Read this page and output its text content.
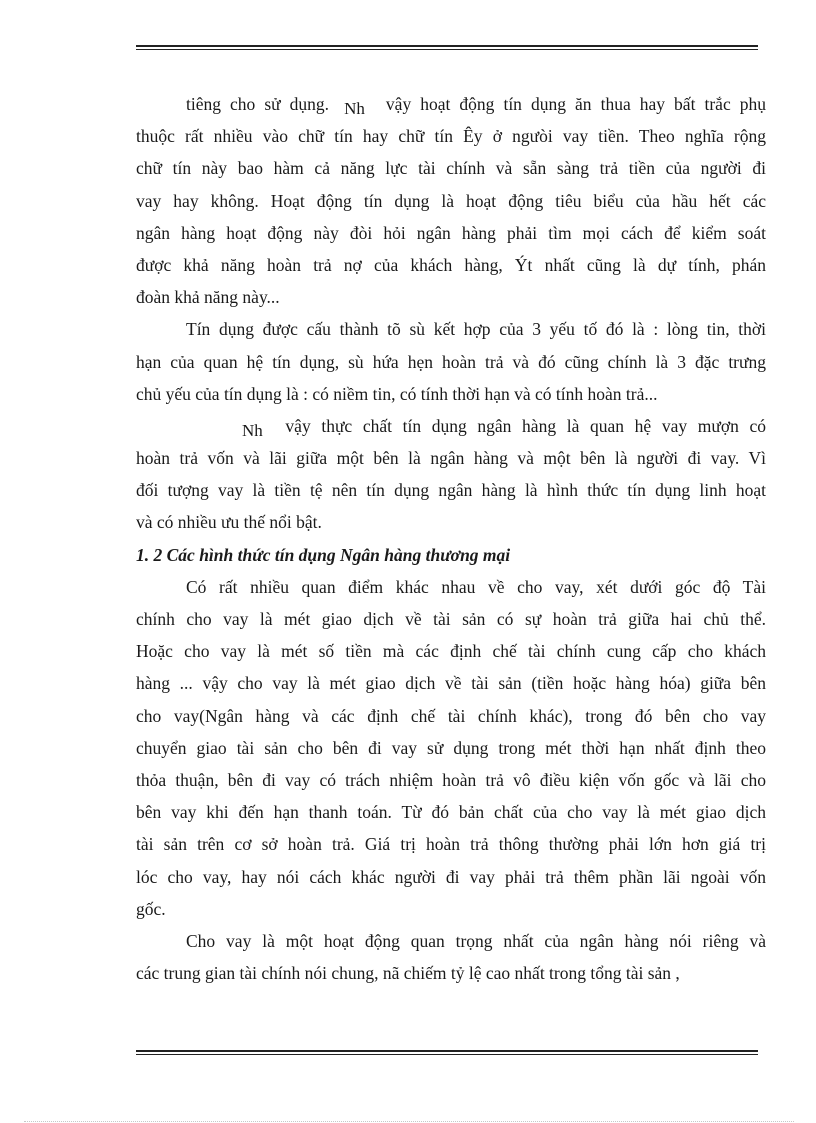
tiêng cho sử dụng. Nh vậy hoạt động tín dụng ăn thua hay bất trắc phụ
thuộc rất nhiều vào chữ tín hay chữ tín Êy ở ngưòi vay tiền. Theo nghĩa rộng
chữ tín này bao hàm cả năng lực tài chính và sẵn sàng trả tiền của người đi
vay hay không. Hoạt động tín dụng là hoạt động tiêu biểu của hầu hết các
ngân hàng hoạt động này đòi hỏi ngân hàng phải tìm mọi cách để kiểm soát
được khả năng hoàn trả nợ của khách hàng, Ýt nhất cũng là dự tính, phán
đoàn khả năng này...
Tín dụng được cấu thành tõ sù kết hợp của 3 yếu tố đó là : lòng tin, thời
hạn của quan hệ tín dụng, sù hứa hẹn hoàn trả và đó cũng chính là 3 đặc trưng
chủ yếu của tín dụng là : có niềm tin, có tính thời hạn và có tính hoàn trả...
Nh vậy thực chất tín dụng ngân hàng là quan hệ vay mượn có
hoàn trả vốn và lãi giữa một bên là ngân hàng và một bên là người đi vay. Vì
đối tượng vay là tiền tệ nên tín dụng ngân hàng là hình thức tín dụng linh hoạt
và có nhiều ưu thế nổi bật.
1. 2 Các hình thức tín dụng Ngân hàng thương mại
Có rất nhiều quan điểm khác nhau về cho vay, xét dưới góc độ Tài
chính cho vay là mét giao dịch về tài sản có sự hoàn trả giữa hai chủ thể.
Hoặc cho vay là mét số tiền mà các định chế tài chính cung cấp cho khách
hàng ... vậy cho vay là mét giao dịch về tài sản (tiền hoặc hàng hóa) giữa bên
cho vay(Ngân hàng và các định chế tài chính khác), trong đó bên cho vay
chuyển giao tài sản cho bên đi vay sử dụng trong mét thời hạn nhất định theo
thỏa thuận, bên đi vay có trách nhiệm hoàn trả vô điều kiện vốn gốc và lãi cho
bên vay khi đến hạn thanh toán. Từ đó bản chất của cho vay là mét giao dịch
tài sản trên cơ sở hoàn trả. Giá trị hoàn trả thông thường phải lớn hơn giá trị
lóc cho vay, hay nói cách khác người đi vay phải trả thêm phần lãi ngoài vốn
gốc.
Cho vay là một hoạt động quan trọng nhất của ngân hàng nói riêng và
các trung gian tài chính nói chung, nã chiếm tỷ lệ cao nhất trong tổng tài sản ,
